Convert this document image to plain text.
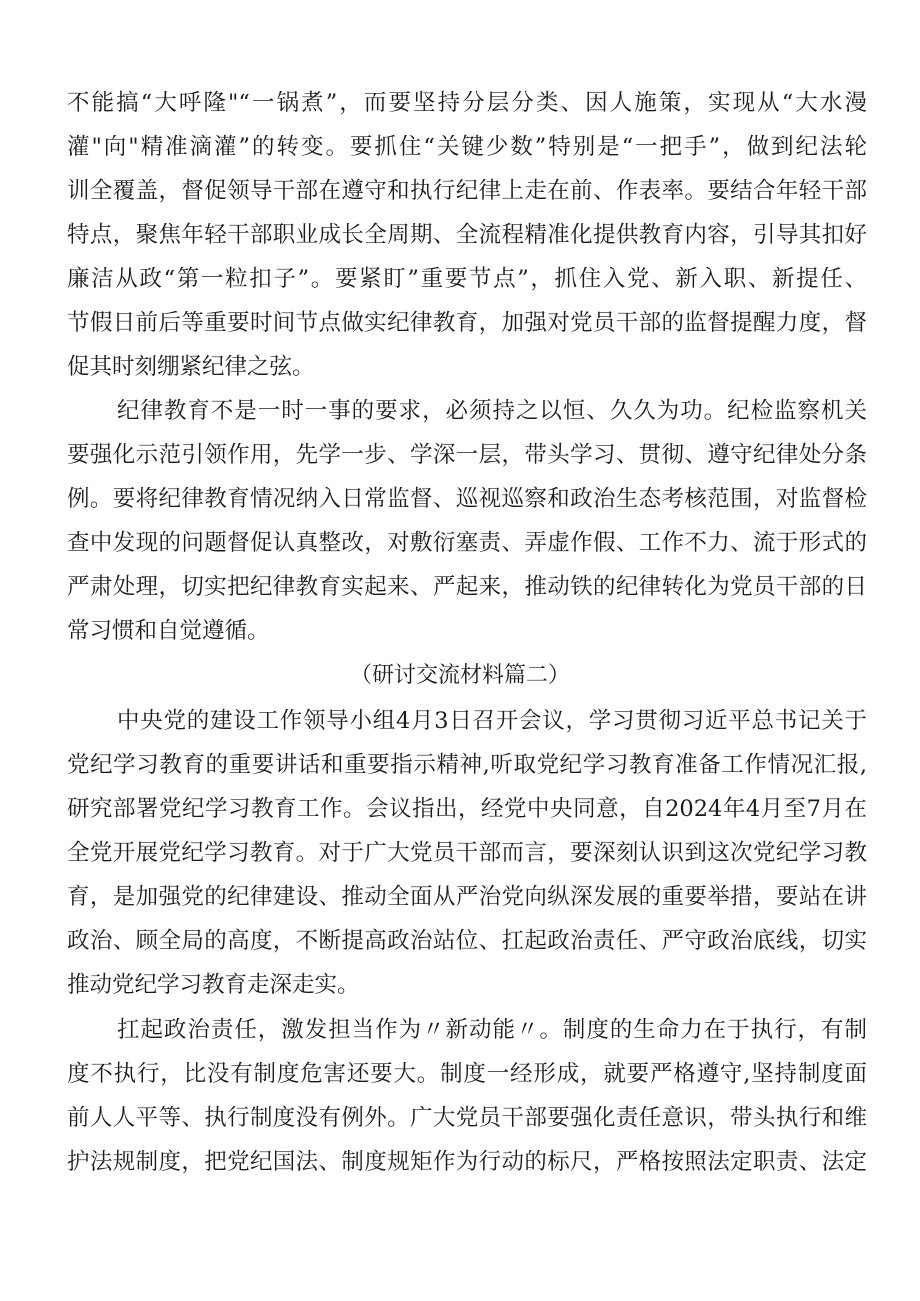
不能搞“大呼隆"“一锅煮”，而要坚持分层分类、因人施策，实现从“大水漫
灌"向"精准滴灌”的转变。要抓住“关键少数”特别是“一把手”，做到纪法轮
训全覆盖，督促领导干部在遵守和执行纪律上走在前、作表率。要结合年轻干部
特点，聚焦年轻干部职业成长全周期、全流程精准化提供教育内容，引导其扣好
廉洁从政“第一粒扣子”。要紧盯”重要节点”，抓住入党、新入职、新提任、
节假日前后等重要时间节点做实纪律教育，加强对党员干部的监督提醒力度，督
促其时刻绷紧纪律之弦。
纪律教育不是一时一事的要求，必须持之以恒、久久为功。纪检监察机关
要强化示范引领作用，先学一步、学深一层，带头学习、贯彻、遵守纪律处分条
例。要将纪律教育情况纳入日常监督、巡视巡察和政治生态考核范围，对监督检
查中发现的问题督促认真整改，对敷衍塞责、弄虚作假、工作不力、流于形式的
严肃处理，切实把纪律教育实起来、严起来，推动铁的纪律转化为党员干部的日
常习惯和自觉遵循。
（研讨交流材料篇二）
中央党的建设工作领导小组4月3日召开会议，学习贯彻习近平总书记关于
党纪学习教育的重要讲话和重要指示精神,听取党纪学习教育准备工作情况汇报,
研究部署党纪学习教育工作。会议指出，经党中央同意，自2024年4月至7月在
全党开展党纪学习教育。对于广大党员干部而言，要深刻认识到这次党纪学习教
育，是加强党的纪律建设、推动全面从严治党向纵深发展的重要举措，要站在讲
政治、顾全局的高度，不断提高政治站位、扛起政治责任、严守政治底线，切实
推动党纪学习教育走深走实。
扛起政治责任，激发担当作为〃新动能〃。制度的生命力在于执行，有制
度不执行，比没有制度危害还要大。制度一经形成，就要严格遵守,坚持制度面
前人人平等、执行制度没有例外。广大党员干部要强化责任意识，带头执行和维
护法规制度，把党纪国法、制度规矩作为行动的标尺，严格按照法定职责、法定
